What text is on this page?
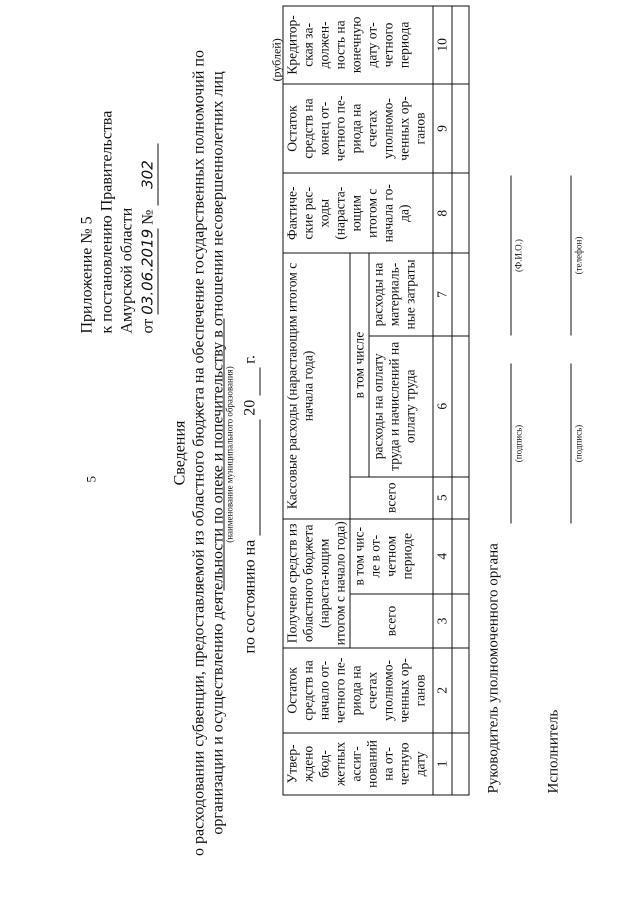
5
Приложение № 5 к постановлению Правительства Амурской области от 03.06.2019 № 302
Сведения о расходовании субвенции, предоставляемой из областного бюджета на обеспечение государственных полномочий по организации и осуществлению деятельности по опеке и попечительству в отношении несовершеннолетних лиц
(наименование муниципального образования)
по состоянию на   20   г.
(рублей)
Утвер-ждено бюд-жетных ассиг-нований на от-четную дату	Остаток средств на начало от-четного пе-риода на счетах уполномо-ченных ор-ганов	Получено средств из областного бюджета (нараста-ющим итогом с начало года)		Кассовые расходы (нарастающим итогом с начала года)			Фактиче-ские рас-ходы (нараста-ющим итогом с начала го-да)	Остаток средств на конец от-четного пе-риода на счетах уполномо-ченных ор-ганов	Кредитор-ская за-должен-ность на конечную дату от-четного периода
		всего	в том чис-ле в от-четном периоде	всего	в том числе				
					расходы на оплату труда и начислений на оплату труда	расходы на материаль-ные затраты			
1	2	3	4	5	6	7	8	9	10

Руководитель уполномоченного органа
(подпись)
(Ф.И.О.)
Исполнитель
(подпись)
(телефон)
